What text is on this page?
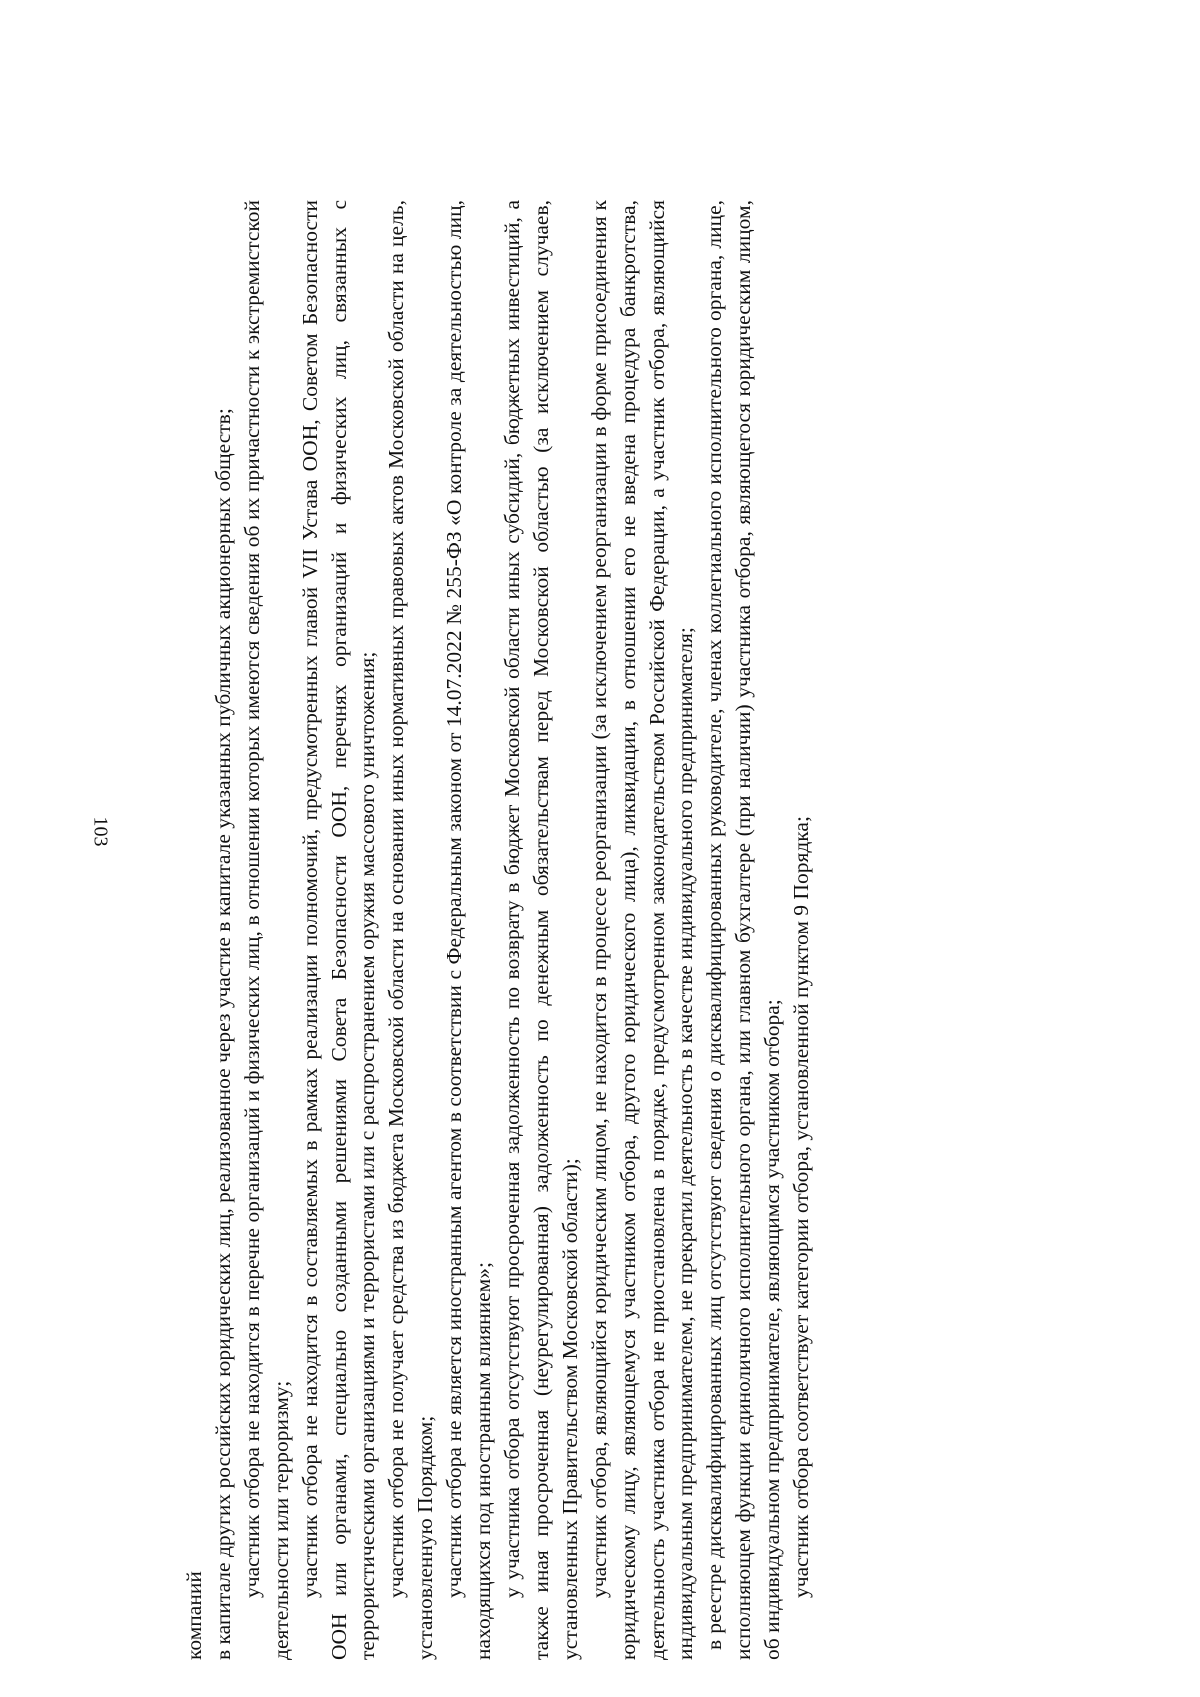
103

компаний в капитале других российских юридических лиц, реализованное через участие в капитале указанных публичных акционерных обществ; участник отбора не находится в перечне организаций и физических лиц, в отношении которых имеются сведения об их причастности к экстремистской деятельности или терроризму; участник отбора не находится в составляемых в рамках реализации полномочий, предусмотренных главой VII Устава ООН, Советом Безопасности ООН или органами, специально созданными решениями Совета Безопасности ООН, перечнях организаций и физических лиц, связанных с террористическими организациями и террористами или с распространением оружия массового уничтожения; участник отбора не получает средства из бюджета Московской области на основании иных нормативных правовых актов Московской области на цель, установленную Порядком; участник отбора не является иностранным агентом в соответствии с Федеральным законом от 14.07.2022 № 255-ФЗ «О контроле за деятельностью лиц, находящихся под иностранным влиянием»; у участника отбора отсутствуют просроченная задолженность по возврату в бюджет Московской области иных субсидий, бюджетных инвестиций, а также иная просроченная (неурегулированная) задолженность по денежным обязательствам перед Московской областью (за исключением случаев, установленных Правительством Московской области); участник отбора, являющийся юридическим лицом, не находится в процессе реорганизации (за исключением реорганизации в форме присоединения к юридическому лицу, являющемуся участником отбора, другого юридического лица), ликвидации, в отношении его не введена процедура банкротства, деятельность участника отбора не приостановлена в порядке, предусмотренном законодательством Российской Федерации, а участник отбора, являющийся индивидуальным предпринимателем, не прекратил деятельность в качестве индивидуального предпринимателя; в реестре дисквалифицированных лиц отсутствуют сведения о дисквалифицированных руководителе, членах коллегиального исполнительного органа, лице, исполняющем функции единоличного исполнительного органа, или главном бухгалтере (при наличии) участника отбора, являющегося юридическим лицом, об индивидуальном предпринимателе, являющимся участником отбора; участник отбора соответствует категории отбора, установленной пунктом 9 Порядка;
